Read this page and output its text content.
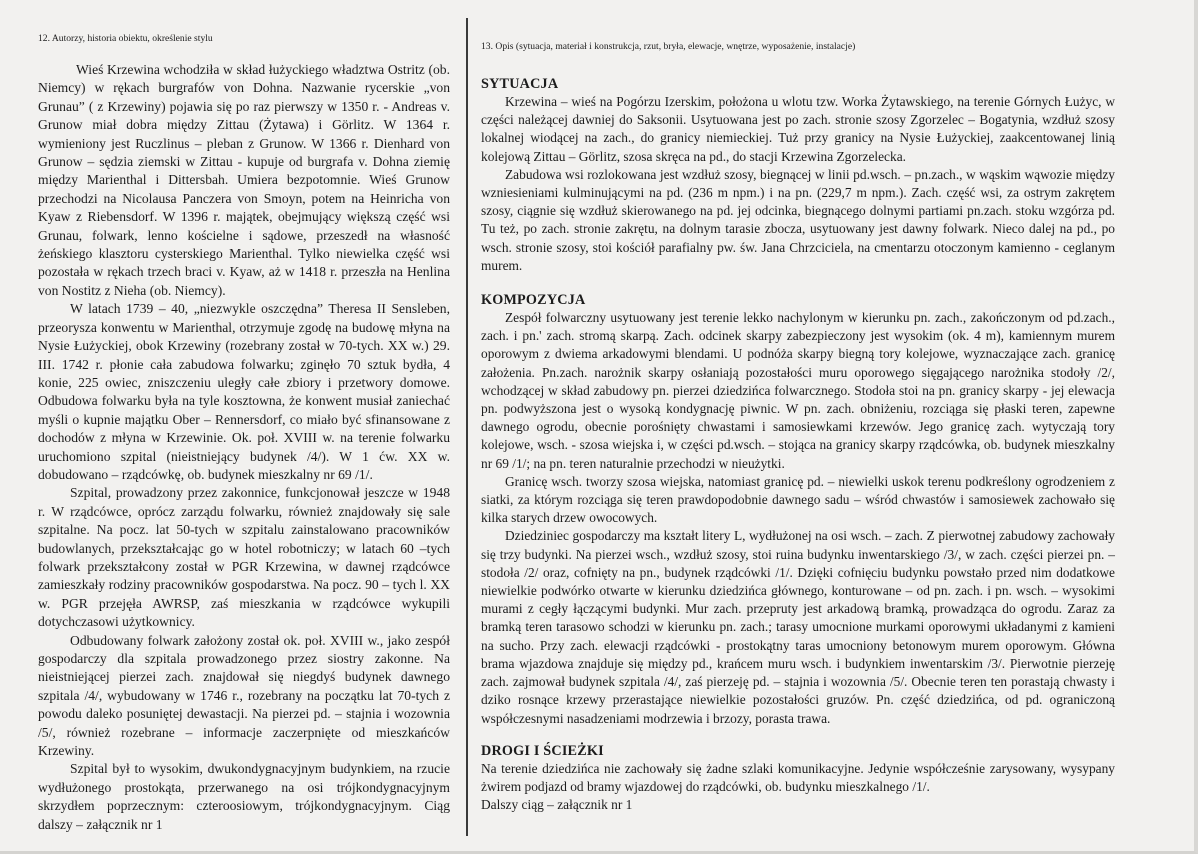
12. Autorzy, historia obiektu, określenie stylu

Wieś Krzewina wchodziła w skład łużyckiego władztwa Ostritz (ob. Niemcy) w rękach burgrafów von Dohna. Nazwanie rycerskie „von Grunau” ( z Krzewiny) pojawia się po raz pierwszy w 1350 r. - Andreas v. Grunow miał dobra między Zittau (Żytawa) i Görlitz. W 1364 r. wymieniony jest Ruczlinus – pleban z Grunow. W 1366 r. Dienhard von Grunow – sędzia ziemski w Zittau - kupuje od burgrafa v. Dohna ziemię między Marienthal i Dittersbah. Umiera bezpotomnie. Wieś Grunow przechodzi na Nicolausa Panczera von Smoyn, potem na Heinricha von Kyaw z Riebensdorf. W 1396 r. majątek, obejmujący większą część wsi Grunau, folwark, lenno kościelne i sądowe, przeszedł na własność żeńskiego klasztoru cysterskiego Marienthal. Tylko niewielka część wsi pozostała w rękach trzech braci v. Kyaw, aż w 1418 r. przeszła na Henlina von Nostitz z Nieha (ob. Niemcy).

W latach 1739 – 40, „niezwykle oszczędna” Theresa II Sensleben, przeorysza konwentu w Marienthal, otrzymuje zgodę na budowę młyna na Nysie Łużyckiej, obok Krzewiny (rozebrany został w 70-tych. XX w.) 29. III. 1742 r. płonie cała zabudowa folwarku; zginęło 70 sztuk bydła, 4 konie, 225 owiec, zniszczeniu uległy całe zbiory i przetwory domowe. Odbudowa folwarku była na tyle kosztowna, że konwent musiał zaniechać myśli o kupnie majątku Ober – Rennersdorf, co miało być sfinansowane z dochodów z młyna w Krzewinie. Ok. poł. XVIII w. na terenie folwarku uruchomiono szpital (nieistniejący budynek /4/). W 1 ćw. XX w. dobudowano – rządcówkę, ob. budynek mieszkalny nr 69 /1/.

Szpital, prowadzony przez zakonnice, funkcjonował jeszcze w 1948 r. W rządcówce, oprócz zarządu folwarku, również znajdowały się sale szpitalne. Na pocz. lat 50-tych w szpitalu zainstalowano pracowników budowlanych, przekształcając go w hotel robotniczy; w latach 60 –tych folwark przekształcony został w PGR Krzewina, w dawnej rządcówce zamieszkały rodziny pracowników gospodarstwa. Na pocz. 90 – tych l. XX w. PGR przejęła AWRSP, zaś mieszkania w rządcówce wykupili dotychczasowi użytkownicy.

Odbudowany folwark założony został ok. poł. XVIII w., jako zespół gospodarczy dla szpitala prowadzonego przez siostry zakonne. Na nieistniejącej pierzei zach. znajdował się niegdyś budynek dawnego szpitala /4/, wybudowany w 1746 r., rozebrany na początku lat 70-tych z powodu daleko posuniętej dewastacji. Na pierzei pd. – stajnia i wozownia /5/, również rozebrane – informacje zaczerpnięte od mieszkańców Krzewiny.

Szpital był to wysokim, dwukondygnacyjnym budynkiem, na rzucie wydłużonego prostokąta, przerwanego na osi trójkondygnacyjnym skrzydłem poprzecznym: czteroosiowym, trójkondygnacyjnym. Ciąg dalszy – załącznik nr 1

13. Opis (sytuacja, materiał i konstrukcja, rzut, bryła, elewacje, wnętrze, wyposażenie, instalacje)

SYTUACJA

Krzewina – wieś na Pogórzu Izerskim, położona u wlotu tzw. Worka Żytawskiego, na terenie Górnych Łużyc, w części należącej dawniej do Saksonii. Usytuowana jest po zach. stronie szosy Zgorzelec – Bogatynia, wzdłuż szosy lokalnej wiodącej na zach., do granicy niemieckiej. Tuż przy granicy na Nysie Łużyckiej, zaakcentowanej linią kolejową Zittau – Görlitz, szosa skręca na pd., do stacji Krzewina Zgorzelecka.

Zabudowa wsi rozlokowana jest wzdłuż szosy, biegnącej w linii pd.wsch. – pn.zach., w wąskim wąwozie między wzniesieniami kulminującymi na pd. (236 m npm.) i na pn. (229,7 m npm.). Zach. część wsi, za ostrym zakrętem szosy, ciągnie się wzdłuż skierowanego na pd. jej odcinka, biegnącego dolnymi partiami pn.zach. stoku wzgórza pd. Tu też, po zach. stronie zakrętu, na dolnym tarasie zbocza, usytuowany jest dawny folwark. Nieco dalej na pd., po wsch. stronie szosy, stoi kościół parafialny pw. św. Jana Chrzciciela, na cmentarzu otoczonym kamienno - ceglanym murem.

KOMPOZYCJA

Zespół folwarczny usytuowany jest terenie lekko nachylonym w kierunku pn. zach., zakończonym od pd.zach., zach. i pn.' zach. stromą skarpą. Zach. odcinek skarpy zabezpieczony jest wysokim (ok. 4 m), kamiennym murem oporowym z dwiema arkadowymi blendami. U podnóża skarpy biegną tory kolejowe, wyznaczające zach. granicę założenia. Pn.zach. narożnik skarpy osłaniają pozostałości muru oporowego sięgającego narożnika stodoły /2/, wchodzącej w skład zabudowy pn. pierzei dziedzińca folwarcznego. Stodoła stoi na pn. granicy skarpy - jej elewacja pn. podwyższona jest o wysoką kondygnację piwnic. W pn. zach. obniżeniu, rozciąga się płaski teren, zapewne dawnego ogrodu, obecnie porośnięty chwastami i samosiewkami krzewów. Jego granicę zach. wytyczają tory kolejowe, wsch. - szosa wiejska i, w części pd.wsch. – stojąca na granicy skarpy rządcówka, ob. budynek mieszkalny nr 69 /1/; na pn. teren naturalnie przechodzi w nieużytki.

Granicę wsch. tworzy szosa wiejska, natomiast granicę pd. – niewielki uskok terenu podkreślony ogrodzeniem z siatki, za którym rozciąga się teren prawdopodobnie dawnego sadu – wśród chwastów i samosiewek zachowało się kilka starych drzew owocowych.

Dziedziniec gospodarczy ma kształt litery L, wydłużonej na osi wsch. – zach. Z pierwotnej zabudowy zachowały się trzy budynki. Na pierzei wsch., wzdłuż szosy, stoi ruina budynku inwentarskiego /3/, w zach. części pierzei pn. – stodoła /2/ oraz, cofnięty na pn., budynek rządcówki /1/. Dzięki cofnięciu budynku powstało przed nim dodatkowe niewielkie podwórko otwarte w kierunku dziedzińca głównego, konturowane – od pn. zach. i pn. wsch. – wysokimi murami z cegły łączącymi budynki. Mur zach. przepruty jest arkadową bramką, prowadząca do ogrodu. Zaraz za bramką teren tarasowo schodzi w kierunku pn. zach.; tarasy umocnione murkami oporowymi układanymi z kamieni na sucho. Przy zach. elewacji rządcówki - prostokątny taras umocniony betonowym murem oporowym. Główna brama wjazdowa znajduje się między pd., krańcem muru wsch. i budynkiem inwentarskim /3/. Pierwotnie pierzeję zach. zajmował budynek szpitala /4/, zaś pierzeję pd. – stajnia i wozownia /5/. Obecnie teren ten porastają chwasty i dziko rosnące krzewy przerastające niewielkie pozostałości gruzów. Pn. część dziedzińca, od pd. ograniczoną współczesnymi nasadzeniami modrzewia i brzozy, porasta trawa.

DROGI I ŚCIEŻKI

Na terenie dziedzińca nie zachowały się żadne szlaki komunikacyjne. Jedynie współcześnie zarysowany, wysypany żwirem podjazd od bramy wjazdowej do rządcówki, ob. budynku mieszkalnego /1/.

Dalszy ciąg – załącznik nr 1
